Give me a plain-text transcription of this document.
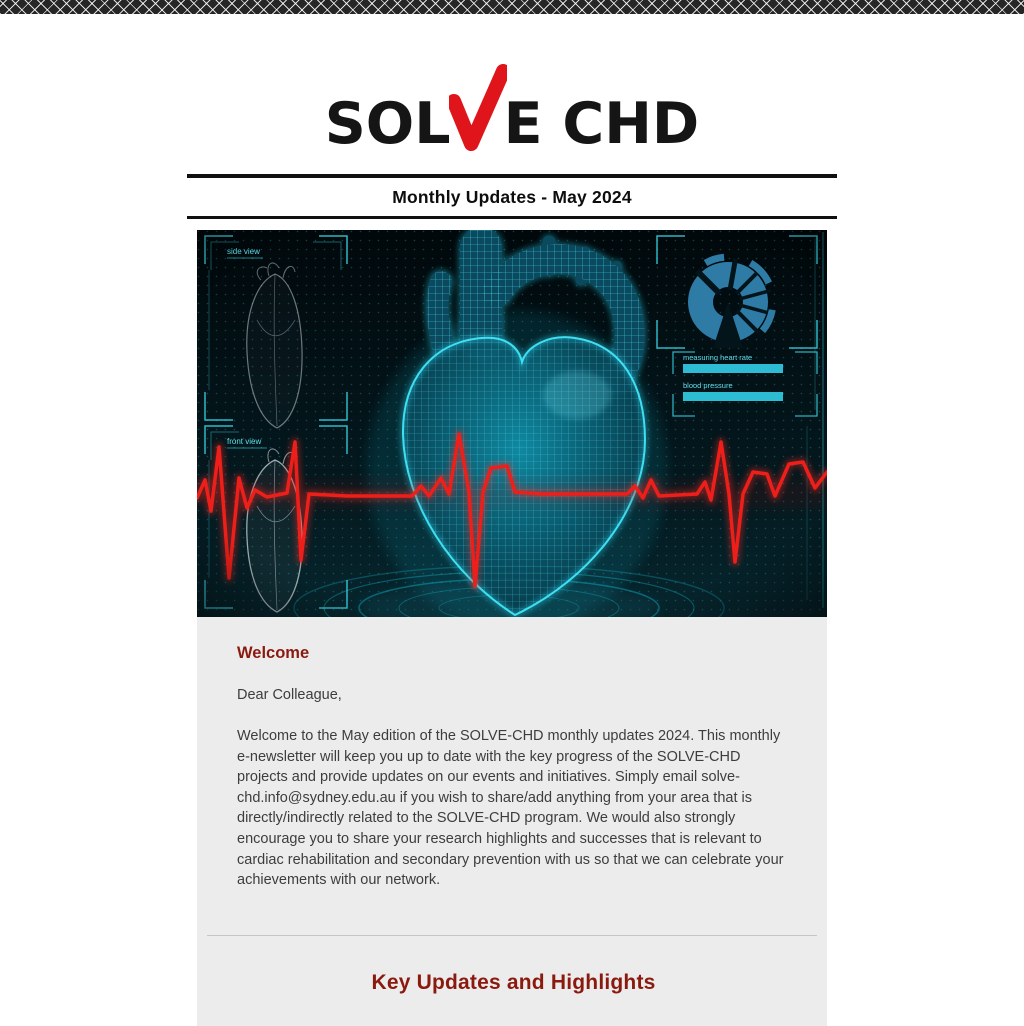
SOL E CHD
Monthly Updates - May 2024
Welcome

Dear Colleague,

Welcome to the May edition of the SOLVE-CHD monthly updates 2024. This monthly e-newsletter will keep you up to date with the key progress of the SOLVE-CHD projects and provide updates on our events and initiatives. Simply email solve-chd.info@sydney.edu.au if you wish to share/add anything from your area that is directly/indirectly related to the SOLVE-CHD program. We would also strongly encourage you to share your research highlights and successes that is relevant to cardiac rehabilitation and secondary prevention with us so that we can celebrate your achievements with our network.

Key Updates and Highlights
